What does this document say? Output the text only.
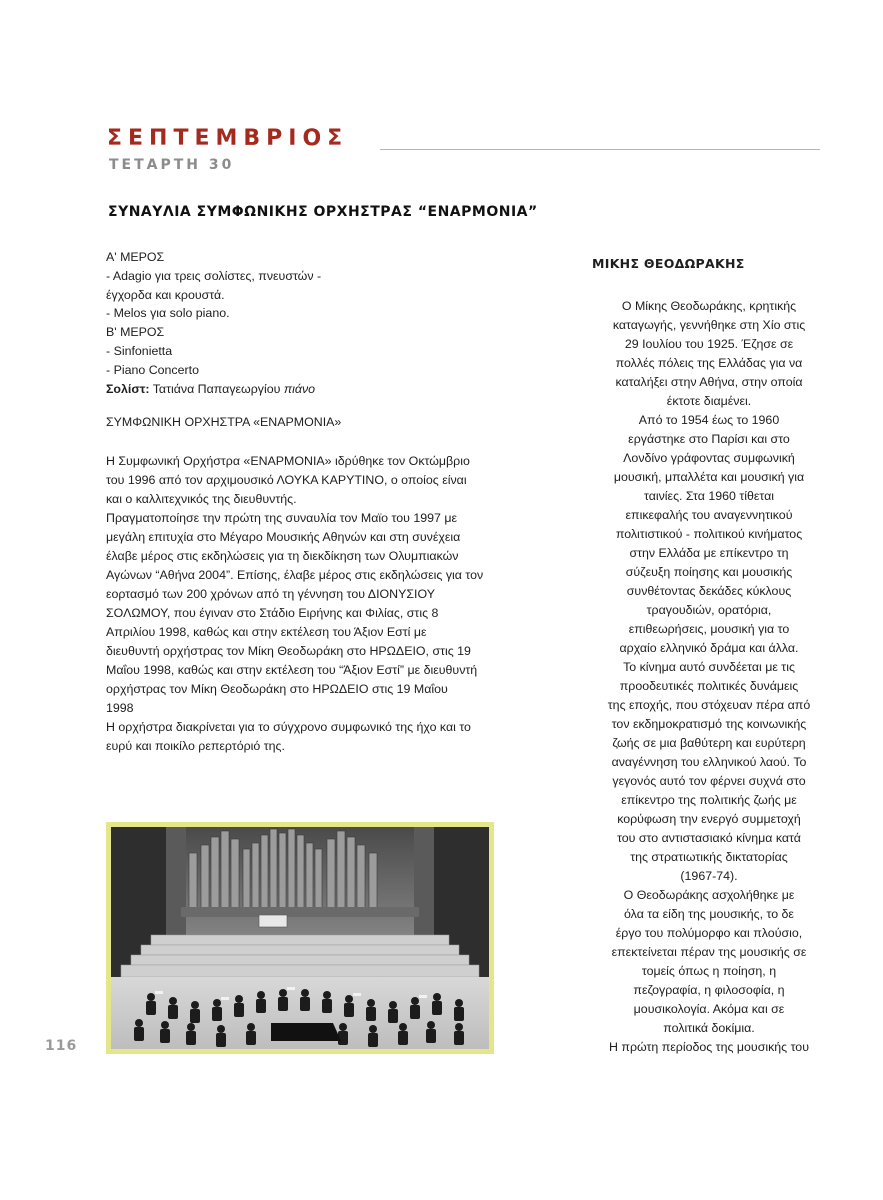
ΣΕΠΤΕΜΒΡΙΟΣ
ΤΕΤΑΡΤΗ 30
ΣΥΝΑΥΛΙΑ ΣΥΜΦΩΝΙΚΗΣ ΟΡΧΗΣΤΡΑΣ “ΕΝΑΡΜΟΝΙΑ”
Α' ΜΕΡΟΣ
- Adagio για τρεις σολίστες, πνευστών -
έγχορδα και κρουστά.
- Melos για solo piano.
Β' ΜΕΡΟΣ
- Sinfonietta
- Piano Concerto
Σολίστ: Τατιάνα Παπαγεωργίου πιάνο
ΣΥΜΦΩΝΙΚΗ ΟΡΧΗΣΤΡΑ «ΕΝΑΡΜΟΝΙΑ»
Η Συμφωνική Ορχήστρα «ΕΝΑΡΜΟΝΙΑ» ιδρύθηκε τον Οκτώμβριο
του 1996 από τον αρχιμουσικό ΛΟΥΚΑ ΚΑΡΥΤΙΝΟ, ο οποίος είναι
και ο καλλιτεχνικός της διευθυντής.
Πραγματοποίησε την πρώτη της συναυλία τον Μαϊο του 1997 με
μεγάλη επιτυχία στο Μέγαρο Μουσικής Αθηνών και στη συνέχεια
έλαβε μέρος στις εκδηλώσεις για τη διεκδίκηση των Ολυμπιακών
Αγώνων “Αθήνα 2004”. Επίσης, έλαβε μέρος στις εκδηλώσεις για τον
εορτασμό των 200 χρόνων από τη γέννηση του ΔΙΟΝΥΣΙΟΥ
ΣΟΛΩΜΟΥ, που έγιναν στο Στάδιο Ειρήνης και Φιλίας, στις 8
Απριλίου 1998, καθώς και στην εκτέλεση του Άξιον Εστί με
διευθυντή ορχήστρας τον Μίκη Θεοδωράκη στο ΗΡΩΔΕΙΟ, στις 19
Μαΐου 1998, καθώς και στην εκτέλεση του “Άξιον Εστί” με διευθυντή
ορχήστρας τον Μίκη Θεοδωράκη στο ΗΡΩΔΕΙΟ στις 19 Μαΐου
1998
Η ορχήστρα διακρίνεται για το σύγχρονο συμφωνικό της ήχο και το
ευρύ και ποικίλο ρεπερτόριό της.
ΜΙΚΗΣ ΘΕΟΔΩΡΑΚΗΣ
Ο Μίκης Θεοδωράκης, κρητικής
καταγωγής, γεννήθηκε στη Χίο στις
29 Ιουλίου του 1925. Έζησε σε
πολλές πόλεις της Ελλάδας για να
καταλήξει στην Αθήνα, στην οποία
έκτοτε διαμένει.
Από το 1954 έως το 1960
εργάστηκε στο Παρίσι και στο
Λονδίνο γράφοντας συμφωνική
μουσική, μπαλλέτα και μουσική για
ταινίες. Στα 1960 τίθεται
επικεφαλής του αναγεννητικού
πολιτιστικού - πολιτικού κινήματος
στην Ελλάδα με επίκεντρο τη
σύζευξη ποίησης και μουσικής
συνθέτοντας δεκάδες κύκλους
τραγουδιών, ορατόρια,
επιθεωρήσεις, μουσική για το
αρχαίο ελληνικό δράμα και άλλα.
Το κίνημα αυτό συνδέεται με τις
προοδευτικές πολιτικές δυνάμεις
της εποχής, που στόχευαν πέρα από
τον εκδημοκρατισμό της κοινωνικής
ζωής σε μια βαθύτερη και ευρύτερη
αναγέννηση του ελληνικού λαού. Το
γεγονός αυτό τον φέρνει συχνά στο
επίκεντρο της πολιτικής ζωής με
κορύφωση την ενεργό συμμετοχή
του στο αντιστασιακό κίνημα κατά
της στρατιωτικής δικτατορίας
(1967-74).
Ο Θεοδωράκης ασχολήθηκε με
όλα τα είδη της μουσικής, το δε
έργο του πολύμορφο και πλούσιο,
επεκτείνεται πέραν της μουσικής σε
τομείς όπως η ποίηση, η
πεζογραφία, η φιλοσοφία, η
μουσικολογία. Ακόμα και σε
πολιτικά δοκίμια.
Η πρώτη περίοδος της μουσικής του
116
